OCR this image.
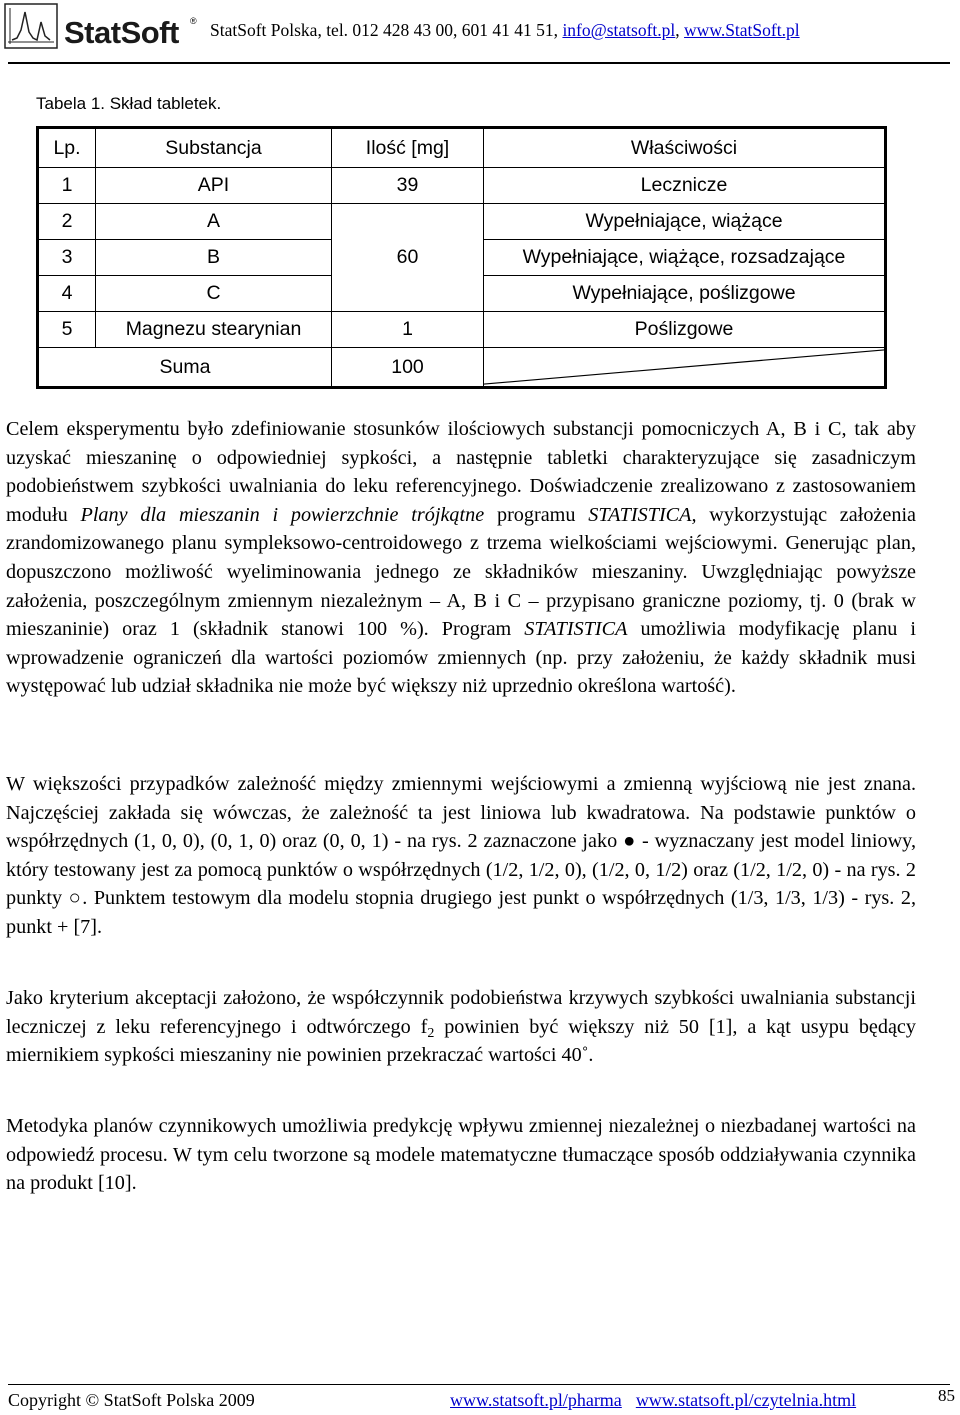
StatSoft ® StatSoft Polska, tel. 012 428 43 00, 601 41 41 51, info@statsoft.pl, www.StatSoft.pl
Tabela 1. Skład tabletek.
Lp.	Substancja	Ilość [mg]	Właściwości
1	API	39	Lecznicze
2	A	60	Wypełniające, wiążące
3	B		Wypełniające, wiążące, rozsadzające
4	C		Wypełniające, poślizgowe
5	Magnezu stearynian	1	Poślizgowe
Suma		100	

Celem eksperymentu było zdefiniowanie stosunków ilościowych substancji pomocniczych A, B i C, tak aby uzyskać mieszaninę o odpowiedniej sypkości, a następnie tabletki charakteryzujące się zasadniczym podobieństwem szybkości uwalniania do leku referencyjnego. Doświadczenie zrealizowano z zastosowaniem modułu Plany dla mieszanin i powierzchnie trójkątne programu STATISTICA, wykorzystując założenia zrandomizowanego planu sympleksowo-centroidowego z trzema wielkościami wejściowymi. Generując plan, dopuszczono możliwość wyeliminowania jednego ze składników mieszaniny. Uwzględniając powyższe założenia, poszczególnym zmiennym niezależnym – A, B i C – przypisano graniczne poziomy, tj. 0 (brak w mieszaninie) oraz 1 (składnik stanowi 100 %). Program STATISTICA umożliwia modyfikację planu i wprowadzenie ograniczeń dla wartości poziomów zmiennych (np. przy założeniu, że każdy składnik musi występować lub udział składnika nie może być większy niż uprzednio określona wartość).

W większości przypadków zależność między zmiennymi wejściowymi a zmienną wyjściową nie jest znana. Najczęściej zakłada się wówczas, że zależność ta jest liniowa lub kwadratowa. Na podstawie punktów o współrzędnych (1, 0, 0), (0, 1, 0) oraz (0, 0, 1) - na rys. 2 zaznaczone jako ● - wyznaczany jest model liniowy, który testowany jest za pomocą punktów o współrzędnych (1/2, 1/2, 0), (1/2, 0, 1/2) oraz (1/2, 1/2, 0) - na rys. 2 punkty ○. Punktem testowym dla modelu stopnia drugiego jest punkt o współrzędnych (1/3, 1/3, 1/3) - rys. 2, punkt + [7].

Jako kryterium akceptacji założono, że współczynnik podobieństwa krzywych szybkości uwalniania substancji leczniczej z leku referencyjnego i odtwórczego $f_2$ powinien być większy niż 50 [1], a kąt usypu będący miernikiem sypkości mieszaniny nie powinien przekraczać wartości 40˚.

Metodyka planów czynnikowych umożliwia predykcję wpływu zmiennej niezależnej o niezbadanej wartości na odpowiedź procesu. W tym celu tworzone są modele matematyczne tłumaczące sposób oddziaływania czynnika na produkt [10].

Copyright © StatSoft Polska 2009	www.statsoft.pl/pharma www.statsoft.pl/czytelnia.html	85
